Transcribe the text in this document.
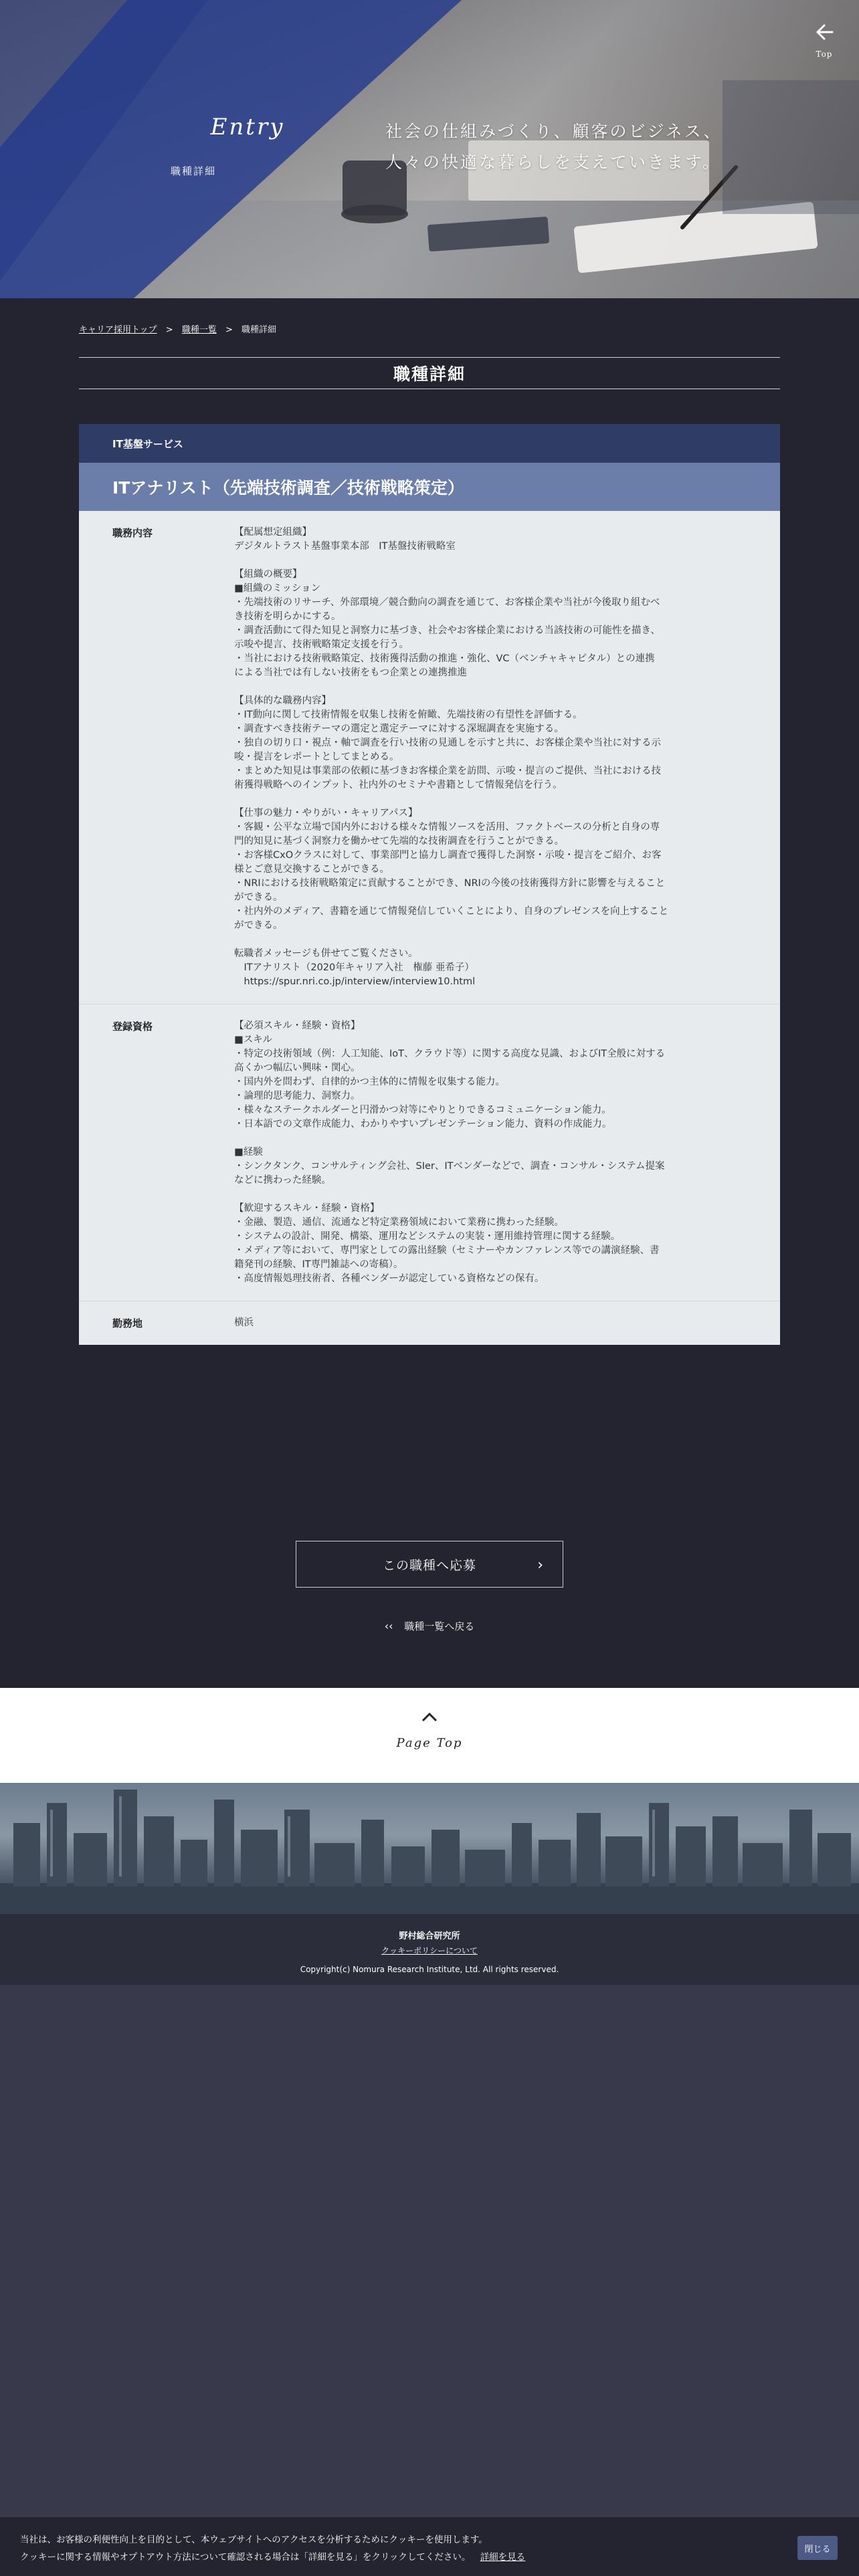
Entry
職種詳細
社会の仕組みづくり、顧客のビジネス、
人々の快適な暮らしを支えていきます。
Top
キャリア採用トップ > 職種一覧 > 職種詳細
職種詳細
IT基盤サービス
ITアナリスト（先端技術調査／技術戦略策定）
職務内容	【配属想定組織】
デジタルトラスト基盤事業本部　IT基盤技術戦略室
【組織の概要】
■組織のミッション
・先端技術のリサーチ、外部環境／競合動向の調査を通じて、お客様企業や当社が今後取り組むべ
き技術を明らかにする。
・調査活動にて得た知見と洞察力に基づき、社会やお客様企業における当該技術の可能性を描き、
示唆や提言、技術戦略策定支援を行う。
・当社における技術戦略策定、技術獲得活動の推進・強化、VC（ベンチャキャピタル）との連携
による当社では有しない技術をもつ企業との連携推進
【具体的な職務内容】
・IT動向に関して技術情報を収集し技術を俯瞰、先端技術の有望性を評価する。
・調査すべき技術テーマの選定と選定テーマに対する深堀調査を実施する。
・独自の切り口・視点・軸で調査を行い技術の見通しを示すと共に、お客様企業や当社に対する示
唆・提言をレポートとしてまとめる。
・まとめた知見は事業部の依頼に基づきお客様企業を訪問、示唆・提言のご提供、当社における技
術獲得戦略へのインプット、社内外のセミナや書籍として情報発信を行う。
【仕事の魅力・やりがい・キャリアパス】
・客観・公平な立場で国内外における様々な情報ソースを活用、ファクトベースの分析と自身の専
門的知見に基づく洞察力を働かせて先端的な技術調査を行うことができる。
・お客様CxOクラスに対して、事業部門と協力し調査で獲得した洞察・示唆・提言をご紹介、お客
様とご意見交換することができる。
・NRIにおける技術戦略策定に貢献することができ、NRIの今後の技術獲得方針に影響を与えること
ができる。
・社内外のメディア、書籍を通じて情報発信していくことにより、自身のプレゼンスを向上すること
ができる。
転職者メッセージも併せてご覧ください。
　ITアナリスト（2020年キャリア入社　権藤 亜希子）
　https://spur.nri.co.jp/interview/interview10.html
登録資格	【必須スキル・経験・資格】
■スキル
・特定の技術領域（例：人工知能、IoT、クラウド等）に関する高度な見識、およびIT全般に対する
高くかつ幅広い興味・関心。
・国内外を問わず、自律的かつ主体的に情報を収集する能力。
・論理的思考能力、洞察力。
・様々なステークホルダーと円滑かつ対等にやりとりできるコミュニケーション能力。
・日本語での文章作成能力、わかりやすいプレゼンテーション能力、資料の作成能力。
■経験
・シンクタンク、コンサルティング会社、SIer、ITベンダーなどで、調査・コンサル・システム提案
などに携わった経験。
【歓迎するスキル・経験・資格】
・金融、製造、通信、流通など特定業務領域において業務に携わった経験。
・システムの設計、開発、構築、運用などシステムの実装・運用維持管理に関する経験。
・メディア等において、専門家としての露出経験（セミナーやカンファレンス等での講演経験、書
籍発刊の経験、IT専門雑誌への寄稿）。
・高度情報処理技術者、各種ベンダーが認定している資格などの保有。
勤務地	横浜
この職種へ応募	›
‹‹ 職種一覧へ戻る
Page Top
野村総合研究所
クッキーポリシーについて
Copyright(c) Nomura Research Institute, Ltd. All rights reserved.
当社は、お客様の利便性向上を目的として、本ウェブサイトへのアクセスを分析するためにクッキーを使用します。
クッキーに関する情報やオプトアウト方法について確認される場合は「詳細を見る」をクリックしてください。 詳細を見る
閉じる
